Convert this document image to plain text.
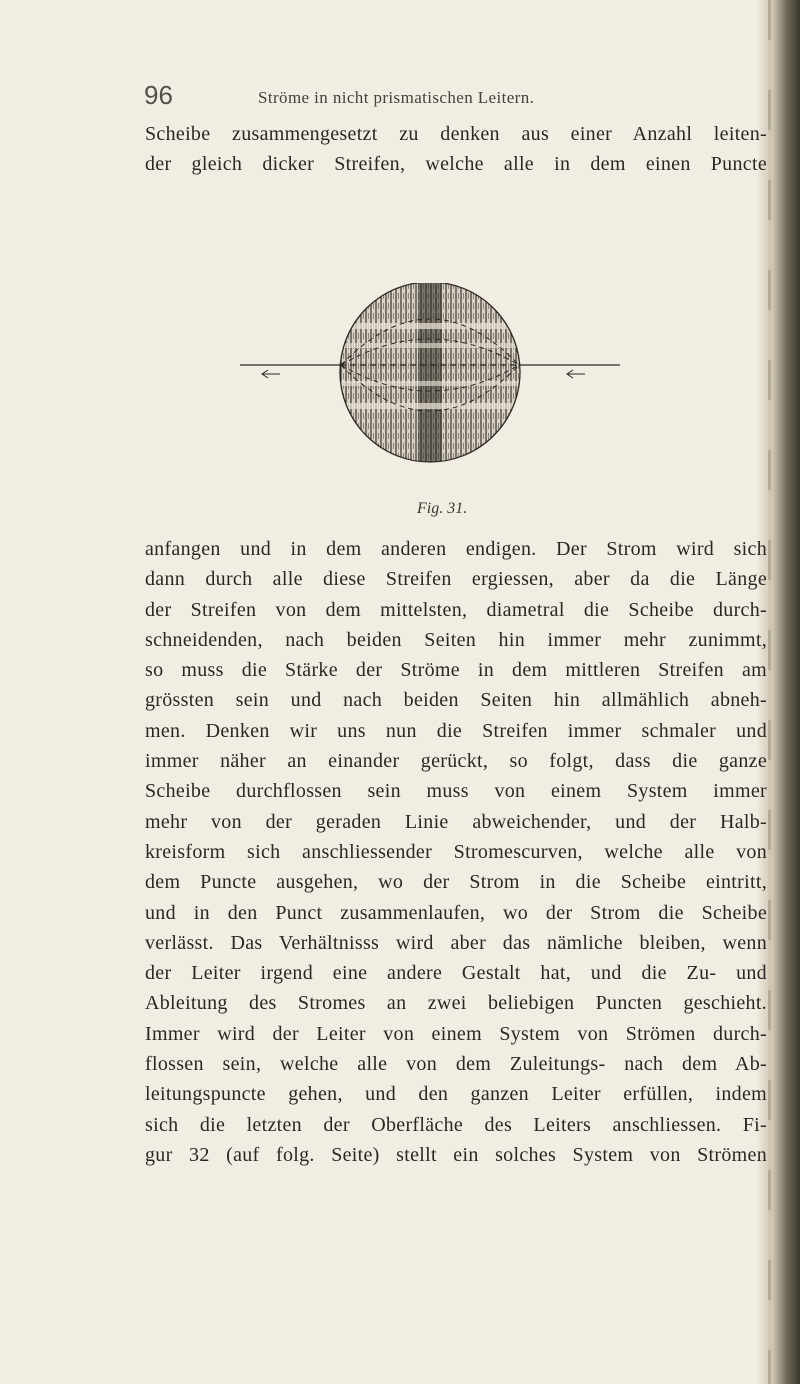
96	Ströme in nicht prismatischen Leitern.
Scheibe zusammengesetzt zu denken aus einer Anzahl leiten-
der gleich dicker Streifen, welche alle in dem einen Puncte
Fig. 31.
anfangen und in dem anderen endigen. Der Strom wird sich
dann durch alle diese Streifen ergiessen, aber da die Länge
der Streifen von dem mittelsten, diametral die Scheibe durch-
schneidenden, nach beiden Seiten hin immer mehr zunimmt,
so muss die Stärke der Ströme in dem mittleren Streifen am
grössten sein und nach beiden Seiten hin allmählich abneh-
men. Denken wir uns nun die Streifen immer schmaler und
immer näher an einander gerückt, so folgt, dass die ganze
Scheibe durchflossen sein muss von einem System immer
mehr von der geraden Linie abweichender, und der Halb-
kreisform sich anschliessender Stromescurven, welche alle von
dem Puncte ausgehen, wo der Strom in die Scheibe eintritt,
und in den Punct zusammenlaufen, wo der Strom die Scheibe
verlässt. Das Verhältnisss wird aber das nämliche bleiben, wenn
der Leiter irgend eine andere Gestalt hat, und die Zu- und
Ableitung des Stromes an zwei beliebigen Puncten geschieht.
Immer wird der Leiter von einem System von Strömen durch-
flossen sein, welche alle von dem Zuleitungs- nach dem Ab-
leitungspuncte gehen, und den ganzen Leiter erfüllen, indem
sich die letzten der Oberfläche des Leiters anschliessen. Fi-
gur 32 (auf folg. Seite) stellt ein solches System von Strömen
